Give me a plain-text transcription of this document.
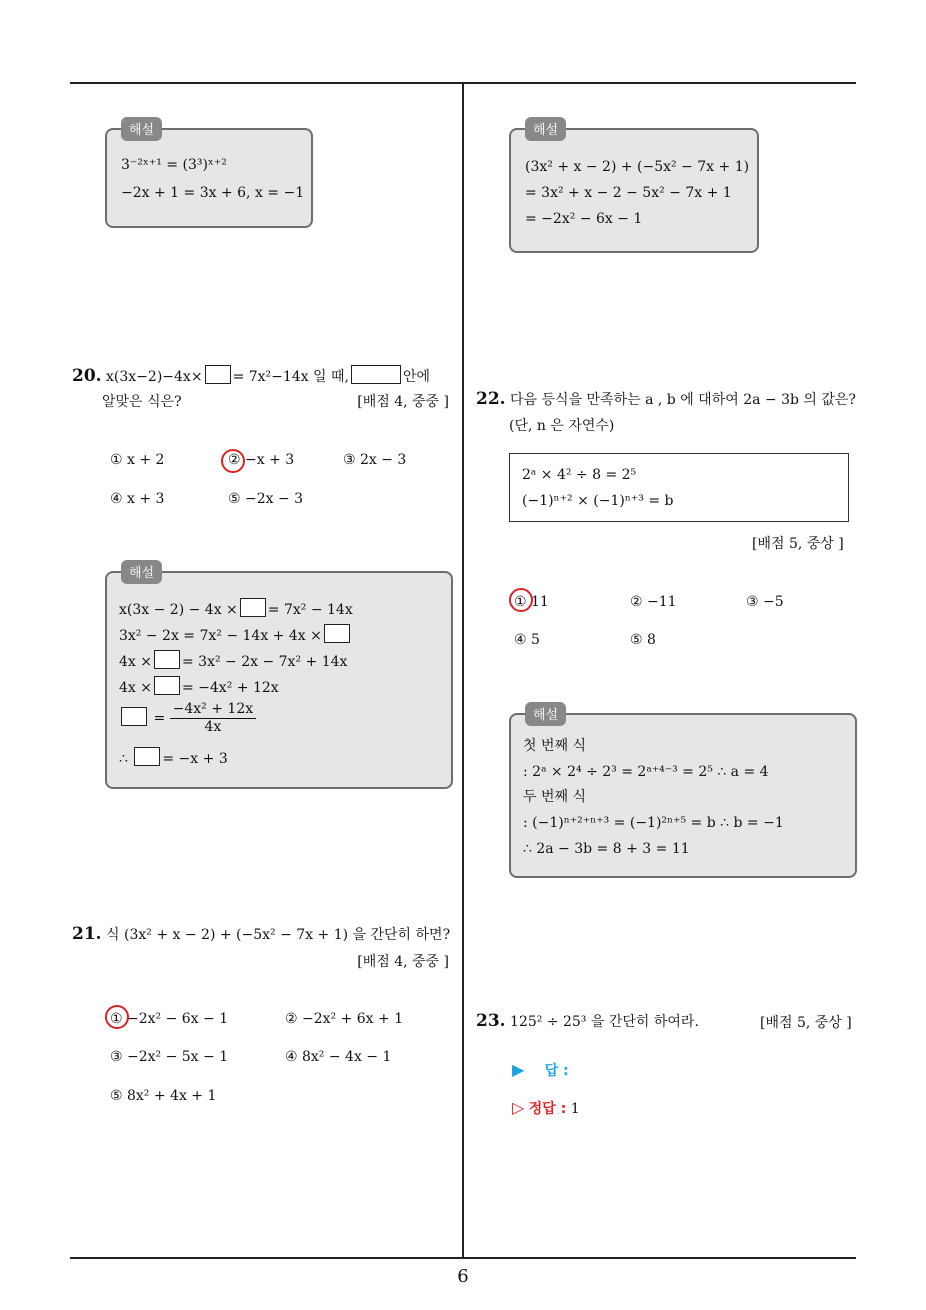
6
해설
3⁻²ˣ⁺¹ = (3³)ˣ⁺²
−2x + 1 = 3x + 6, x = −1
20. x(3x−2)−4x× = 7x²−14x 일 때,	안에
알맞은 식은?	[배점 4, 중중 ]
① x + 2	② −x + 3	③ 2x − 3
④ x + 3	⑤ −2x − 3
해설
x(3x − 2) − 4x × = 7x² − 14x
3x² − 2x = 7x² − 14x + 4x ×
4x × = 3x² − 2x − 7x² + 14x
4x × = −4x² + 12x
= $\frac{\text{−4x² + 12x}}{4x}$
∴ = −x + 3
21. 식 (3x² + x − 2) + (−5x² − 7x + 1) 을 간단히 하면?
[배점 4, 중중 ]
① −2x² − 6x − 1	② −2x² + 6x + 1
③ −2x² − 5x − 1	④ 8x² − 4x − 1
⑤ 8x² + 4x + 1
해설
(3x² + x − 2) + (−5x² − 7x + 1)
= 3x² + x − 2 − 5x² − 7x + 1
= −2x² − 6x − 1
22. 다음 등식을 만족하는 a , b 에 대하여 2a − 3b 의 값은?
(단, n 은 자연수)
2ᵃ × 4² ÷ 8 = 2⁵
(−1)ⁿ⁺² × (−1)ⁿ⁺³ = b
[배점 5, 중상 ]
① 11	② −11	③ −5
④ 5	⑤ 8
해설
첫 번째 식
: 2ᵃ × 2⁴ ÷ 2³ = 2ᵃ⁺⁴⁻³ = 2⁵ ∴ a = 4
두 번째 식
: (−1)ⁿ⁺²⁺ⁿ⁺³ = (−1)²ⁿ⁺⁵ = b ∴ b = −1
∴ 2a − 3b = 8 + 3 = 11
23. 125² ÷ 25³ 을 간단히 하여라.	[배점 5, 중상 ]
▶ 답 :
▷ 정답 : 1
